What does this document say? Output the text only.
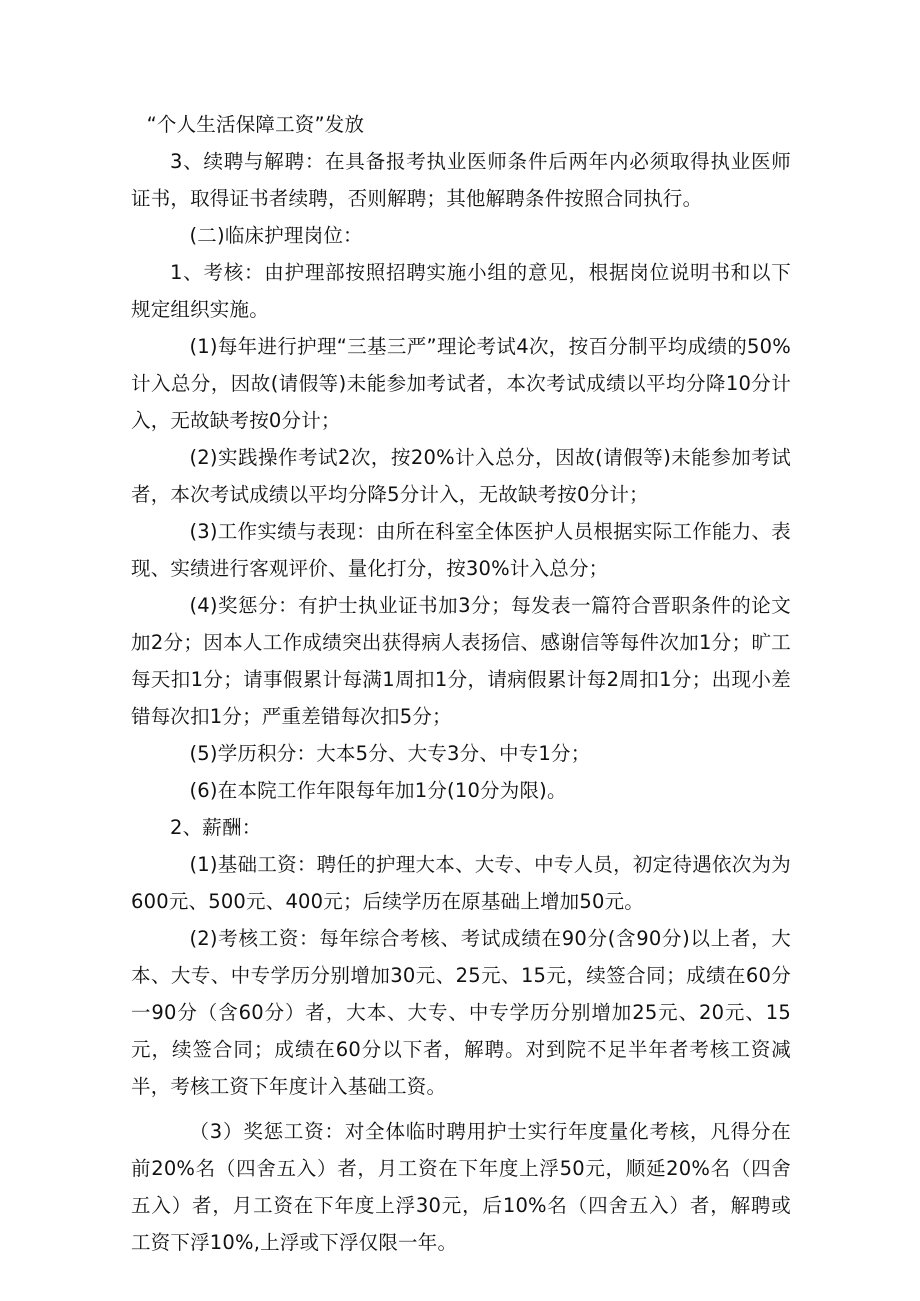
“个人生活保障工资”发放

3、续聘与解聘：在具备报考执业医师条件后两年内必须取得执业医师证书，取得证书者续聘，否则解聘；其他解聘条件按照合同执行。

(二)临床护理岗位：

1、考核：由护理部按照招聘实施小组的意见，根据岗位说明书和以下规定组织实施。

(1)每年进行护理“三基三严”理论考试4次，按百分制平均成绩的50%计入总分，因故(请假等)未能参加考试者，本次考试成绩以平均分降10分计入，无故缺考按0分计；

(2)实践操作考试2次，按20%计入总分，因故(请假等)未能参加考试者，本次考试成绩以平均分降5分计入，无故缺考按0分计；

(3)工作实绩与表现：由所在科室全体医护人员根据实际工作能力、表现、实绩进行客观评价、量化打分，按30%计入总分；

(4)奖惩分：有护士执业证书加3分；每发表一篇符合晋职条件的论文加2分；因本人工作成绩突出获得病人表扬信、感谢信等每件次加1分；旷工每天扣1分；请事假累计每满1周扣1分，请病假累计每2周扣1分；出现小差错每次扣1分；严重差错每次扣5分；

(5)学历积分：大本5分、大专3分、中专1分；

(6)在本院工作年限每年加1分(10分为限)。

2、薪酬：

(1)基础工资：聘任的护理大本、大专、中专人员，初定待遇依次为为600元、500元、400元；后续学历在原基础上增加50元。

(2)考核工资：每年综合考核、考试成绩在90分(含90分)以上者，大本、大专、中专学历分别增加30元、25元、15元，续签合同；成绩在60分一90分（含60分）者，大本、大专、中专学历分别增加25元、20元、15元，续签合同；成绩在60分以下者，解聘。对到院不足半年者考核工资减半，考核工资下年度计入基础工资。

（3）奖惩工资：对全体临时聘用护士实行年度量化考核，凡得分在前20%名（四舍五入）者，月工资在下年度上浮50元，顺延20%名（四舍五入）者，月工资在下年度上浮30元，后10%名（四舍五入）者，解聘或工资下浮10%,上浮或下浮仅限一年。
